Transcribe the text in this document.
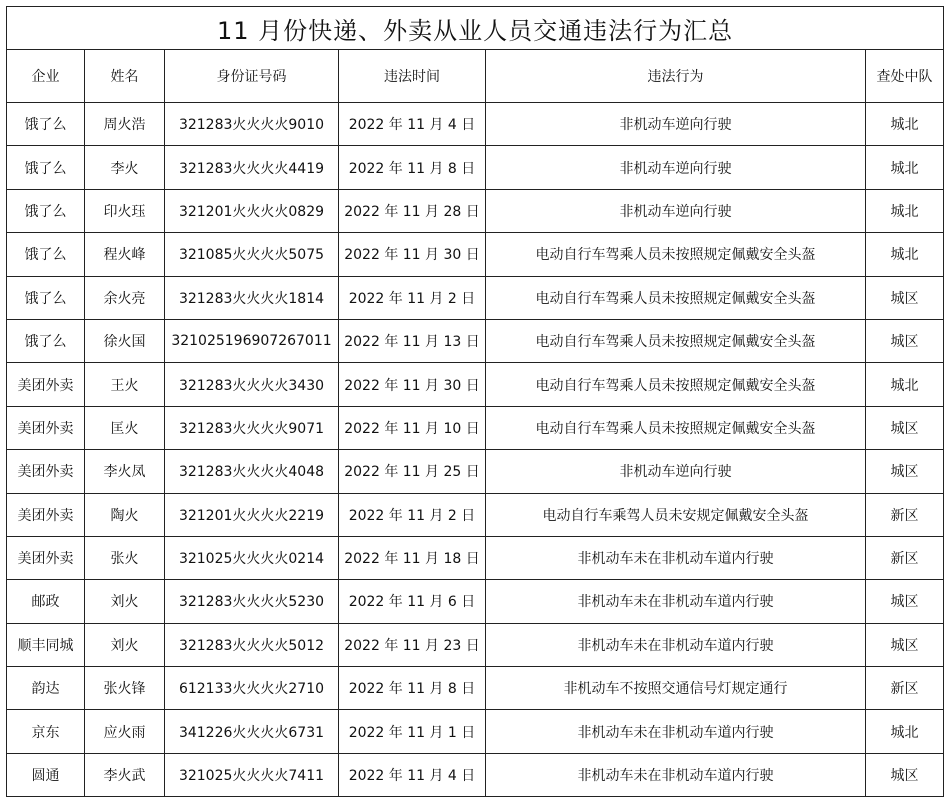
11 月份快递、外卖从业人员交通违法行为汇总					
企业	姓名	身份证号码	违法时间	违法行为	查处中队
饿了么	周火浩	321283火火火火9010	2022 年 11 月 4 日	非机动车逆向行驶	城北
饿了么	李火	321283火火火火4419	2022 年 11 月 8 日	非机动车逆向行驶	城北
饿了么	印火珏	321201火火火火0829	2022 年 11 月 28 日	非机动车逆向行驶	城北
饿了么	程火峰	321085火火火火5075	2022 年 11 月 30 日	电动自行车驾乘人员未按照规定佩戴安全头盔	城北
饿了么	余火亮	321283火火火火1814	2022 年 11 月 2 日	电动自行车驾乘人员未按照规定佩戴安全头盔	城区
饿了么	徐火国	321025196907267011	2022 年 11 月 13 日	电动自行车驾乘人员未按照规定佩戴安全头盔	城区
美团外卖	王火	321283火火火火3430	2022 年 11 月 30 日	电动自行车驾乘人员未按照规定佩戴安全头盔	城北
美团外卖	匡火	321283火火火火9071	2022 年 11 月 10 日	电动自行车驾乘人员未按照规定佩戴安全头盔	城区
美团外卖	李火凤	321283火火火火4048	2022 年 11 月 25 日	非机动车逆向行驶	城区
美团外卖	陶火	321201火火火火2219	2022 年 11 月 2 日	电动自行车乘驾人员未安规定佩戴安全头盔	新区
美团外卖	张火	321025火火火火0214	2022 年 11 月 18 日	非机动车未在非机动车道内行驶	新区
邮政	刘火	321283火火火火5230	2022 年 11 月 6 日	非机动车未在非机动车道内行驶	城区
顺丰同城	刘火	321283火火火火5012	2022 年 11 月 23 日	非机动车未在非机动车道内行驶	城区
韵达	张火锋	612133火火火火2710	2022 年 11 月 8 日	非机动车不按照交通信号灯规定通行	新区
京东	应火雨	341226火火火火6731	2022 年 11 月 1 日	非机动车未在非机动车道内行驶	城北
圆通	李火武	321025火火火火7411	2022 年 11 月 4 日	非机动车未在非机动车道内行驶	城区
